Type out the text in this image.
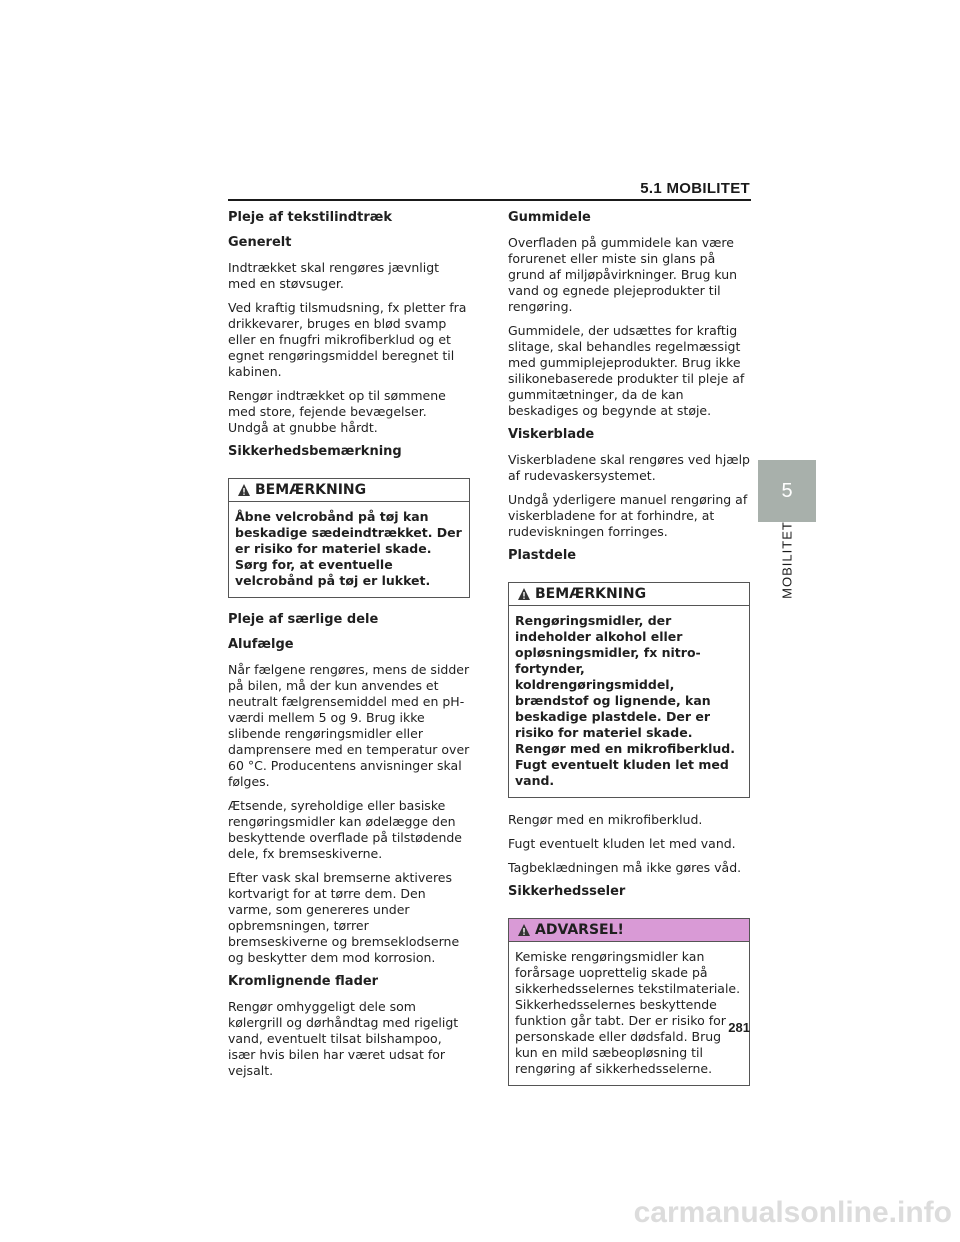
5.1 MOBILITET
Pleje af tekstilindtræk
Generelt

Indtrækket skal rengøres jævnligt med en støvsuger.

Ved kraftig tilsmudsning, fx pletter fra drikkevarer, bruges en blød svamp eller en fnugfri mikrofiberklud og et egnet rengøringsmiddel beregnet til kabinen.

Rengør indtrækket op til sømmene med store, fejende bevægelser. Undgå at gnubbe hårdt.

Sikkerhedsbemærkning
BEMÆRKNING
Åbne velcrobånd på tøj kan beskadige sædeindtrækket. Der er risiko for materiel skade. Sørg for, at eventuelle velcrobånd på tøj er lukket.
Pleje af særlige dele
Alufælge

Når fælgene rengøres, mens de sidder på bilen, må der kun anvendes et neutralt fælgrensemiddel med en pH-værdi mellem 5 og 9. Brug ikke slibende rengøringsmidler eller damprensere med en temperatur over 60 °C. Producentens anvisninger skal følges.

Ætsende, syreholdige eller basiske rengøringsmidler kan ødelægge den beskyttende overflade på tilstødende dele, fx bremseskiverne.

Efter vask skal bremserne aktiveres kortvarigt for at tørre dem. Den varme, som genereres under opbremsningen, tørrer bremseskiverne og bremseklodserne og beskytter dem mod korrosion.

Kromlignende flader

Rengør omhyggeligt dele som kølergrill og dørhåndtag med rigeligt vand, eventuelt tilsat bilshampoo, især hvis bilen har været udsat for vejsalt.

Gummidele

Overfladen på gummidele kan være forurenet eller miste sin glans på grund af miljøpåvirkninger. Brug kun vand og egnede plejeprodukter til rengøring.

Gummidele, der udsættes for kraftig slitage, skal behandles regelmæssigt med gummiplejeprodukter. Brug ikke silikonebaserede produkter til pleje af gummitætninger, da de kan beskadiges og begynde at støje.

Viskerblade

Viskerbladene skal rengøres ved hjælp af rudevaskersystemet.

Undgå yderligere manuel rengøring af viskerbladene for at forhindre, at rudeviskningen forringes.

Plastdele
BEMÆRKNING
Rengøringsmidler, der indeholder alkohol eller opløsningsmidler, fx nitro-fortynder, koldrengøringsmiddel, brændstof og lignende, kan beskadige plastdele. Der er risiko for materiel skade. Rengør med en mikrofiberklud. Fugt eventuelt kluden let med vand.

Rengør med en mikrofiberklud.

Fugt eventuelt kluden let med vand.

Tagbeklædningen må ikke gøres våd.

Sikkerhedsseler
ADVARSEL!
Kemiske rengøringsmidler kan forårsage uoprettelig skade på sikkerhedsselernes tekstilmateriale. Sikkerhedsselernes beskyttende funktion går tabt. Der er risiko for personskade eller dødsfald. Brug kun en mild sæbeopløsning til rengøring af sikkerhedsselerne.
5
MOBILITET
281
carmanualsonline.info
